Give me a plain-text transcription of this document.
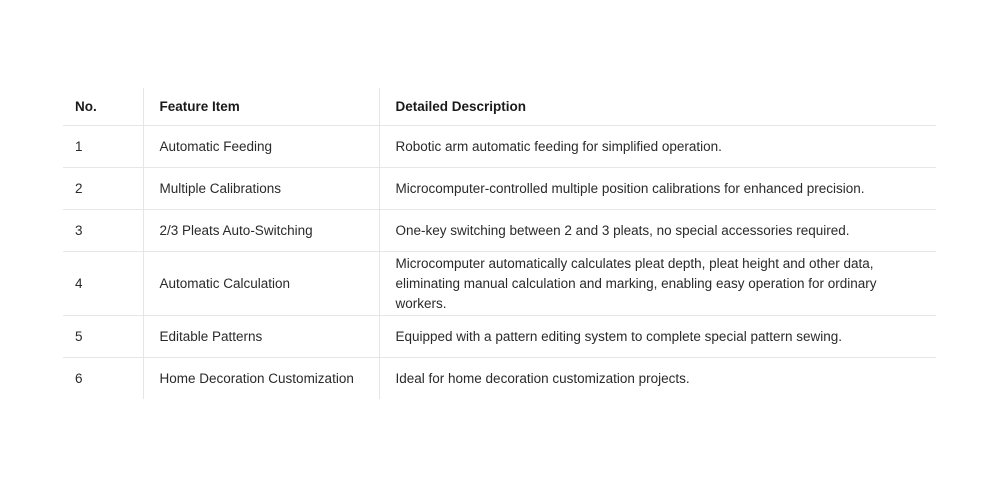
No.	Feature Item	Detailed Description
1	Automatic Feeding	Robotic arm automatic feeding for simplified operation.
2	Multiple Calibrations	Microcomputer-controlled multiple position calibrations for enhanced precision.
3	2/3 Pleats Auto-Switching	One-key switching between 2 and 3 pleats, no special accessories required.
4	Automatic Calculation	Microcomputer automatically calculates pleat depth, pleat height and other data, eliminating manual calculation and marking, enabling easy operation for ordinary workers.
5	Editable Patterns	Equipped with a pattern editing system to complete special pattern sewing.
6	Home Decoration Customization	Ideal for home decoration customization projects.
